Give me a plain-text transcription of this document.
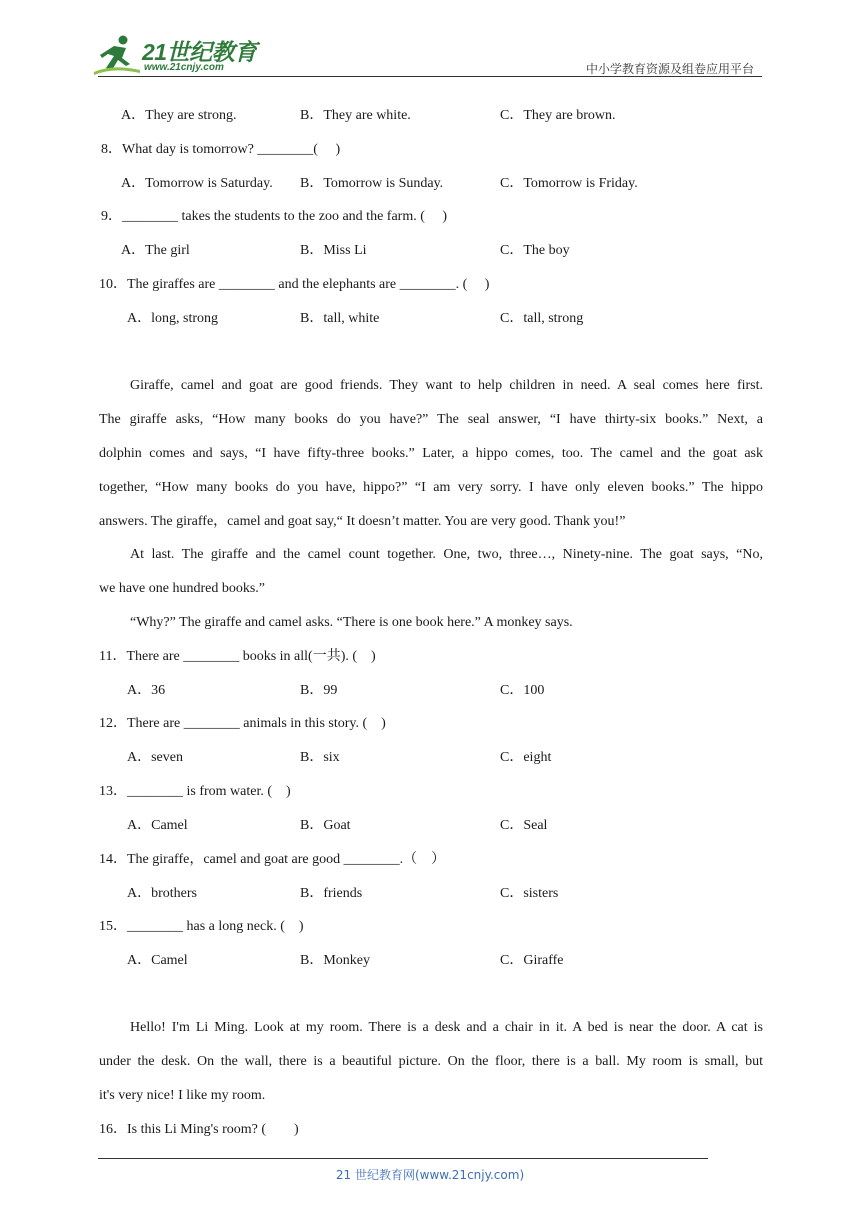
21世纪教育
www.21cnjy.com	中小学教育资源及组卷应用平台
A．They are strong.	B．They are white.	C．They are brown.
8．What day is tomorrow? ________(　 )
A．Tomorrow is Saturday. B．Tomorrow is Sunday.	C．Tomorrow is Friday.
9．________ takes the students to the zoo and the farm. (　 )
A．The girl	B．Miss Li	C．The boy
10．The giraffes are ________ and the elephants are ________. (　 )
A．long, strong	B．tall, white	C．tall, strong
Giraffe, camel and goat are good friends. They want to help children in need. A seal comes here first.
The giraffe asks, “How many books do you have?” The seal answer, “I have thirty-six books.” Next, a
dolphin comes and says, “I have fifty-three books.” Later, a hippo comes, too. The camel and the goat ask
together, “How many books do you have, hippo?” “I am very sorry. I have only eleven books.” The hippo
answers. The giraffe，camel and goat say,“ It doesn’t matter. You are very good. Thank you!”
At last. The giraffe and the camel count together. One, two, three…, Ninety-nine. The goat says, “No,
we have one hundred books.”
“Why?” The giraffe and camel asks. “There is one book here.” A monkey says.
11．There are ________ books in all(一共). (　)
A．36	B．99	C．100
12．There are ________ animals in this story. (　)
A．seven	B．six	C．eight
13．________ is from water. (　)
A．Camel	B．Goat	C．Seal
14．The giraffe，camel and goat are good ________.（　）
A．brothers	B．friends	C．sisters
15．________ has a long neck. (　)
A．Camel	B．Monkey	C．Giraffe
Hello! I'm Li Ming. Look at my room. There is a desk and a chair in it. A bed is near the door. A cat is
under the desk. On the wall, there is a beautiful picture. On the floor, there is a ball. My room is small, but
it's very nice! I like my room.
16．Is this Li Ming's room? (　　)
21 世纪教育网(www.21cnjy.com)
